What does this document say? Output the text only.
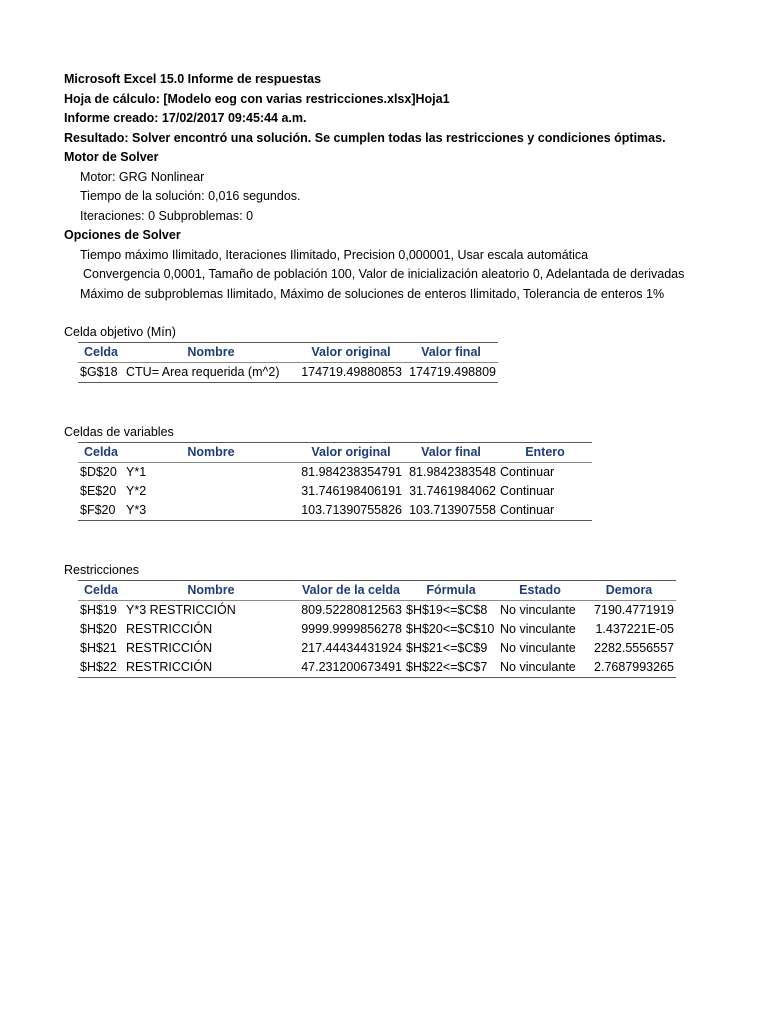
Microsoft Excel 15.0 Informe de respuestas
Hoja de cálculo: [Modelo eog con varias restricciones.xlsx]Hoja1
Informe creado: 17/02/2017 09:45:44 a.m.
Resultado: Solver encontró una solución. Se cumplen todas las restricciones y condiciones óptimas.
Motor de Solver
Motor: GRG Nonlinear
Tiempo de la solución: 0,016 segundos.
Iteraciones: 0 Subproblemas: 0
Opciones de Solver
Tiempo máximo Ilimitado, Iteraciones Ilimitado, Precision 0,000001, Usar escala automática
Convergencia 0,0001, Tamaño de población 100, Valor de inicialización aleatorio 0, Adelantada de derivadas
Máximo de subproblemas Ilimitado, Máximo de soluciones de enteros Ilimitado, Tolerancia de enteros 1%
Celda objetivo (Mín)
Celda	Nombre	Valor original	Valor final
$G$18	CTU= Area requerida (m^2)	174719.49880853	174719.498809
Celdas de variables
Celda	Nombre	Valor original	Valor final	Entero
$D$20	Y*1	81.984238354791	81.9842383548	Continuar
$E$20	Y*2	31.746198406191	31.7461984062	Continuar
$F$20	Y*3	103.71390755826	103.713907558	Continuar
Restricciones
Celda	Nombre	Valor de la celda	Fórmula	Estado	Demora
$H$19	Y*3 RESTRICCIÓN	809.52280812563	$H$19<=$C$8	No vinculante	7190.4771919
$H$20	RESTRICCIÓN	9999.9999856278	$H$20<=$C$10	No vinculante	1.437221E-05
$H$21	RESTRICCIÓN	217.44434431924	$H$21<=$C$9	No vinculante	2282.5556557
$H$22	RESTRICCIÓN	47.231200673491	$H$22<=$C$7	No vinculante	2.7687993265
